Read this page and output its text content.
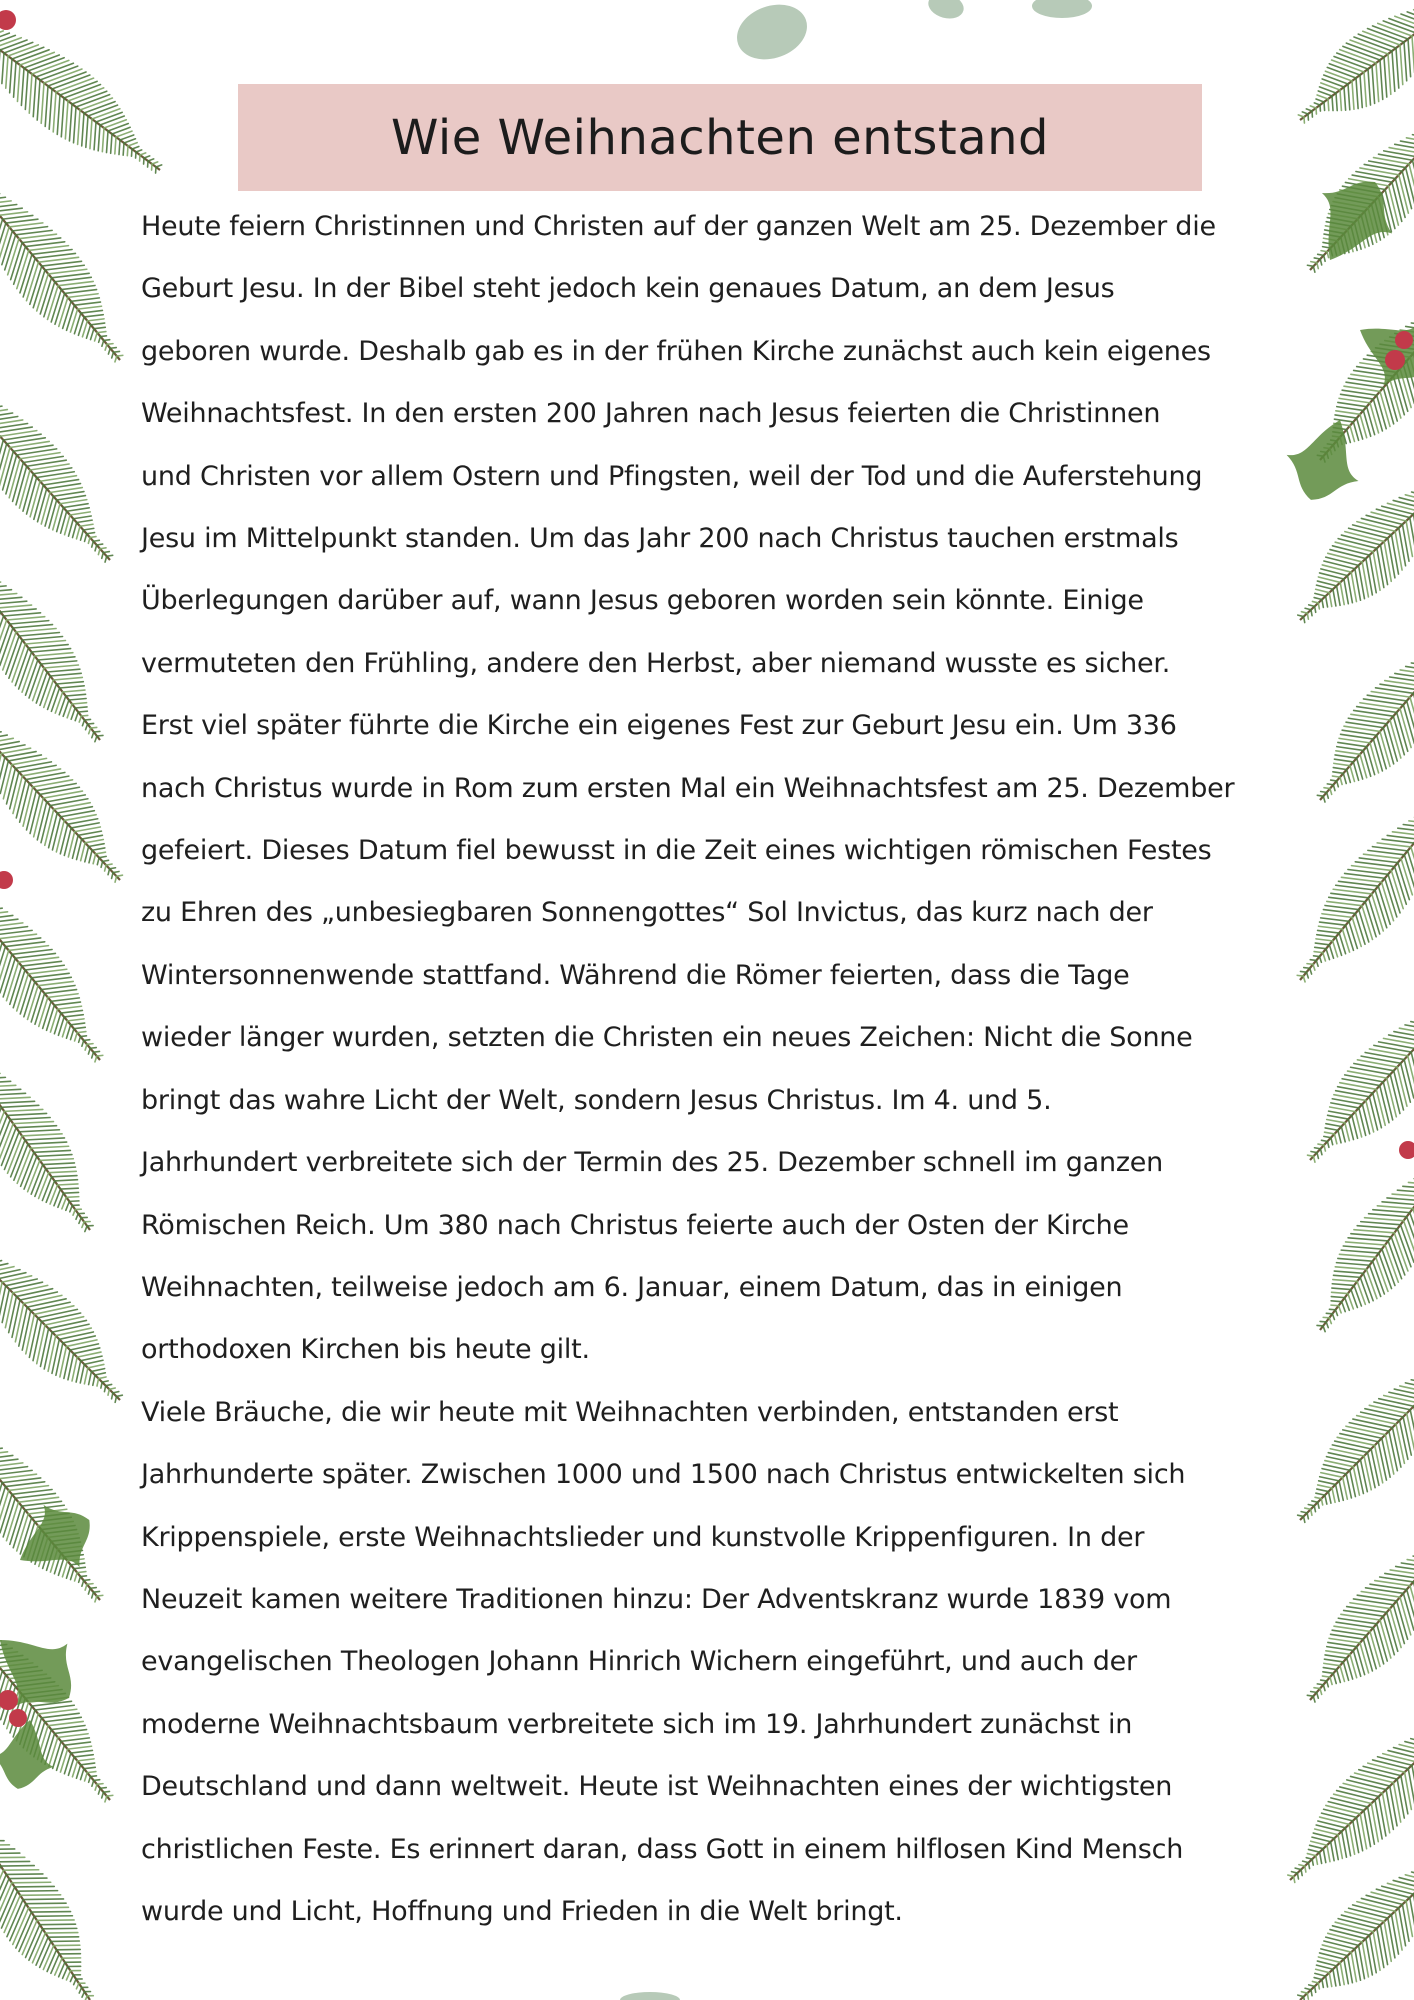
Wie Weihnachten entstand
Heute feiern Christinnen und Christen auf der ganzen Welt am 25. Dezember die
Geburt Jesu. In der Bibel steht jedoch kein genaues Datum, an dem Jesus
geboren wurde. Deshalb gab es in der frühen Kirche zunächst auch kein eigenes
Weihnachtsfest. In den ersten 200 Jahren nach Jesus feierten die Christinnen
und Christen vor allem Ostern und Pfingsten, weil der Tod und die Auferstehung
Jesu im Mittelpunkt standen. Um das Jahr 200 nach Christus tauchen erstmals
Überlegungen darüber auf, wann Jesus geboren worden sein könnte. Einige
vermuteten den Frühling, andere den Herbst, aber niemand wusste es sicher.
Erst viel später führte die Kirche ein eigenes Fest zur Geburt Jesu ein. Um 336
nach Christus wurde in Rom zum ersten Mal ein Weihnachtsfest am 25. Dezember
gefeiert. Dieses Datum fiel bewusst in die Zeit eines wichtigen römischen Festes
zu Ehren des „unbesiegbaren Sonnengottes“ Sol Invictus, das kurz nach der
Wintersonnenwende stattfand. Während die Römer feierten, dass die Tage
wieder länger wurden, setzten die Christen ein neues Zeichen: Nicht die Sonne
bringt das wahre Licht der Welt, sondern Jesus Christus. Im 4. und 5.
Jahrhundert verbreitete sich der Termin des 25. Dezember schnell im ganzen
Römischen Reich. Um 380 nach Christus feierte auch der Osten der Kirche
Weihnachten, teilweise jedoch am 6. Januar, einem Datum, das in einigen
orthodoxen Kirchen bis heute gilt.
Viele Bräuche, die wir heute mit Weihnachten verbinden, entstanden erst
Jahrhunderte später. Zwischen 1000 und 1500 nach Christus entwickelten sich
Krippenspiele, erste Weihnachtslieder und kunstvolle Krippenfiguren. In der
Neuzeit kamen weitere Traditionen hinzu: Der Adventskranz wurde 1839 vom
evangelischen Theologen Johann Hinrich Wichern eingeführt, und auch der
moderne Weihnachtsbaum verbreitete sich im 19. Jahrhundert zunächst in
Deutschland und dann weltweit. Heute ist Weihnachten eines der wichtigsten
christlichen Feste. Es erinnert daran, dass Gott in einem hilflosen Kind Mensch
wurde und Licht, Hoffnung und Frieden in die Welt bringt.
